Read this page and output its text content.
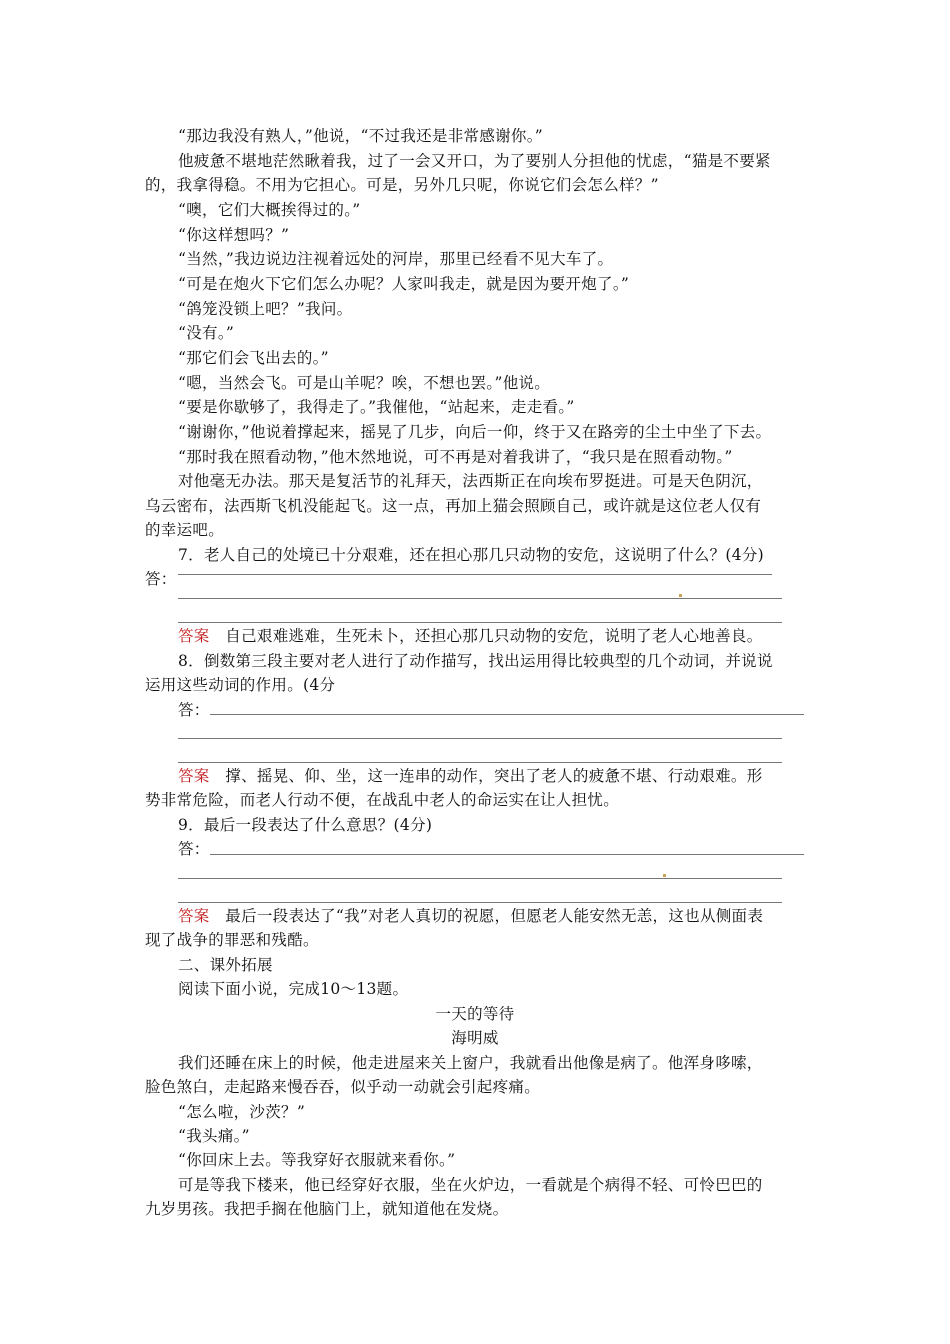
“那边我没有熟人，”他说，“不过我还是非常感谢你。”
他疲惫不堪地茫然瞅着我，过了一会又开口，为了要别人分担他的忧虑，“猫是不要紧
的，我拿得稳。不用为它担心。可是，另外几只呢，你说它们会怎么样？”
“噢，它们大概挨得过的。”
“你这样想吗？”
“当然，”我边说边注视着远处的河岸，那里已经看不见大车了。
“可是在炮火下它们怎么办呢？人家叫我走，就是因为要开炮了。”
“鸽笼没锁上吧？”我问。
“没有。”
“那它们会飞出去的。”
“嗯，当然会飞。可是山羊呢？唉，不想也罢。”他说。
“要是你歇够了，我得走了。”我催他，“站起来，走走看。”
“谢谢你，”他说着撑起来，摇晃了几步，向后一仰，终于又在路旁的尘土中坐了下去。
“那时我在照看动物，”他木然地说，可不再是对着我讲了，“我只是在照看动物。”
对他毫无办法。那天是复活节的礼拜天，法西斯正在向埃布罗挺进。可是天色阴沉，
乌云密布，法西斯飞机没能起飞。这一点，再加上猫会照顾自己，或许就是这位老人仅有
的幸运吧。
7．老人自己的处境已十分艰难，还在担心那几只动物的安危，这说明了什么？(4分)
答：
答案 自己艰难逃难，生死未卜，还担心那几只动物的安危，说明了老人心地善良。
8．倒数第三段主要对老人进行了动作描写，找出运用得比较典型的几个动词，并说说
运用这些动词的作用。(4分
答：
答案 撑、摇晃、仰、坐，这一连串的动作，突出了老人的疲惫不堪、行动艰难。形
势非常危险，而老人行动不便，在战乱中老人的命运实在让人担忧。
9．最后一段表达了什么意思？(4分)
答：
答案 最后一段表达了“我”对老人真切的祝愿，但愿老人能安然无恙，这也从侧面表
现了战争的罪恶和残酷。
二、课外拓展
阅读下面小说，完成10～13题。
一天的等待
海明威
我们还睡在床上的时候，他走进屋来关上窗户，我就看出他像是病了。他浑身哆嗦，
脸色煞白，走起路来慢吞吞，似乎动一动就会引起疼痛。
“怎么啦，沙茨？”
“我头痛。”
“你回床上去。等我穿好衣服就来看你。”
可是等我下楼来，他已经穿好衣服，坐在火炉边，一看就是个病得不轻、可怜巴巴的
九岁男孩。我把手搁在他脑门上，就知道他在发烧。
